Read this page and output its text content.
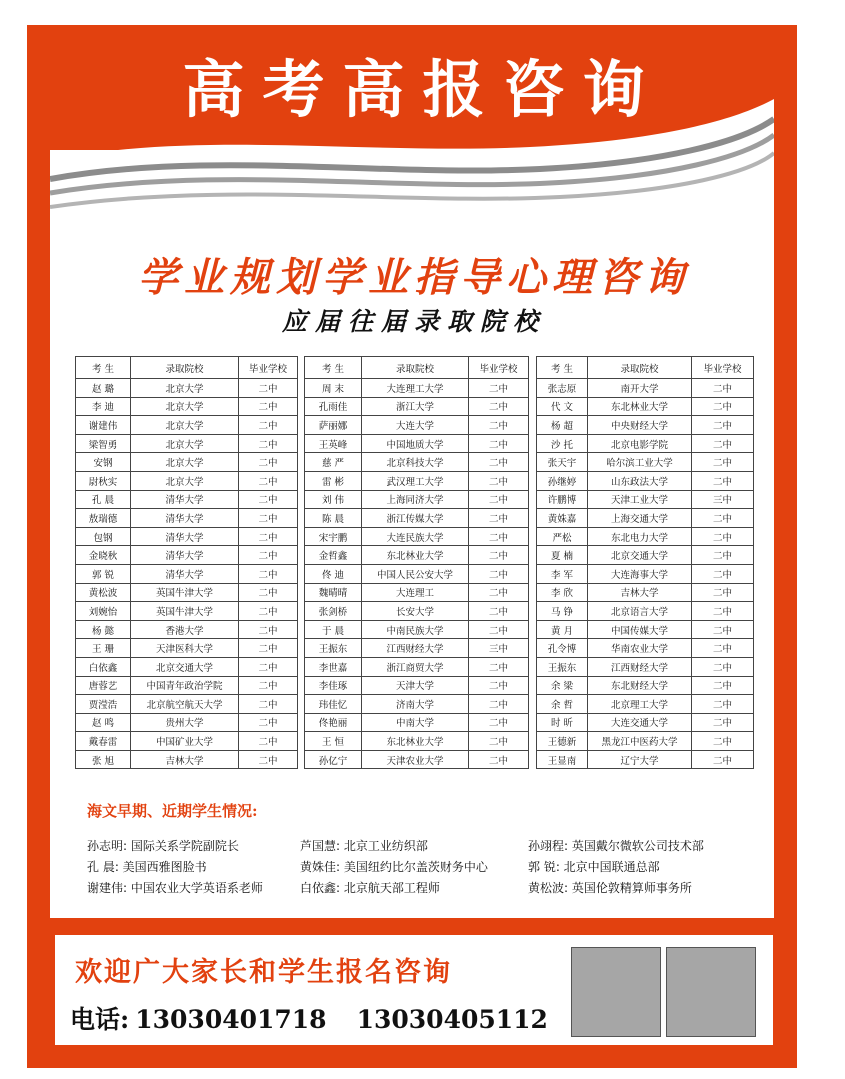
高考高报咨询
学业规划学业指导心理咨询
应届往届录取院校
考 生	录取院校	毕业学校
赵 璐	北京大学	二中
李 迪	北京大学	二中
谢建伟	北京大学	二中
梁智勇	北京大学	二中
安钢	北京大学	二中
尉秋实	北京大学	二中
孔 晨	清华大学	二中
敖瑞德	清华大学	二中
包钢	清华大学	二中
金晓秋	清华大学	二中
郭 锐	清华大学	二中
黄松波	英国牛津大学	二中
刘婉怡	英国牛津大学	二中
杨 懿	香港大学	二中
王 珊	天津医科大学	二中
白依鑫	北京交通大学	二中
唐蓉艺	中国青年政治学院	二中
贾滢浩	北京航空航天大学	二中
赵 鸣	贵州大学	二中
戴春雷	中国矿业大学	二中
张 旭	吉林大学	二中
考 生	录取院校	毕业学校
周 末	大连理工大学	二中
孔雨佳	浙江大学	二中
萨丽娜	大连大学	二中
王英峰	中国地质大学	二中
慈 严	北京科技大学	二中
雷 彬	武汉理工大学	二中
刘 伟	上海同济大学	二中
陈 晨	浙江传媒大学	二中
宋宇鹏	大连民族大学	二中
金哲鑫	东北林业大学	二中
佟 迪	中国人民公安大学	二中
魏晴晴	大连理工	二中
张剑桥	长安大学	二中
于 晨	中南民族大学	二中
王振东	江西财经大学	三中
李世嘉	浙江商贸大学	二中
李佳琢	天津大学	二中
玮佳忆	济南大学	二中
佟艳丽	中南大学	二中
王 恒	东北林业大学	二中
孙亿宁	天津农业大学	二中
考 生	录取院校	毕业学校
张志原	南开大学	二中
代 文	东北林业大学	二中
杨 超	中央财经大学	二中
沙 托	北京电影学院	二中
张天宇	哈尔滨工业大学	二中
孙继婷	山东政法大学	二中
许鹏博	天津工业大学	三中
黄姝嘉	上海交通大学	二中
严松	东北电力大学	二中
夏 楠	北京交通大学	二中
李 军	大连海事大学	二中
李 欣	吉林大学	二中
马 铮	北京语言大学	二中
黄 月	中国传媒大学	二中
孔令博	华南农业大学	二中
王振东	江西财经大学	二中
余 梁	东北财经大学	二中
余 哲	北京理工大学	二中
时 昕	大连交通大学	二中
王德新	黑龙江中医药大学	二中
王显南	辽宁大学	二中
海文早期、近期学生情况:
孙志明: 国际关系学院副院长
孔 晨: 美国西雅图脸书
谢建伟: 中国农业大学英语系老师
芦国慧: 北京工业纺织部
黄姝佳: 美国纽约比尔盖茨财务中心
白依鑫: 北京航天部工程师
孙翊程: 英国戴尔微软公司技术部
郭 锐: 北京中国联通总部
黄松波: 英国伦敦精算师事务所
欢迎广大家长和学生报名咨询
电话: 13030401718 13030405112
